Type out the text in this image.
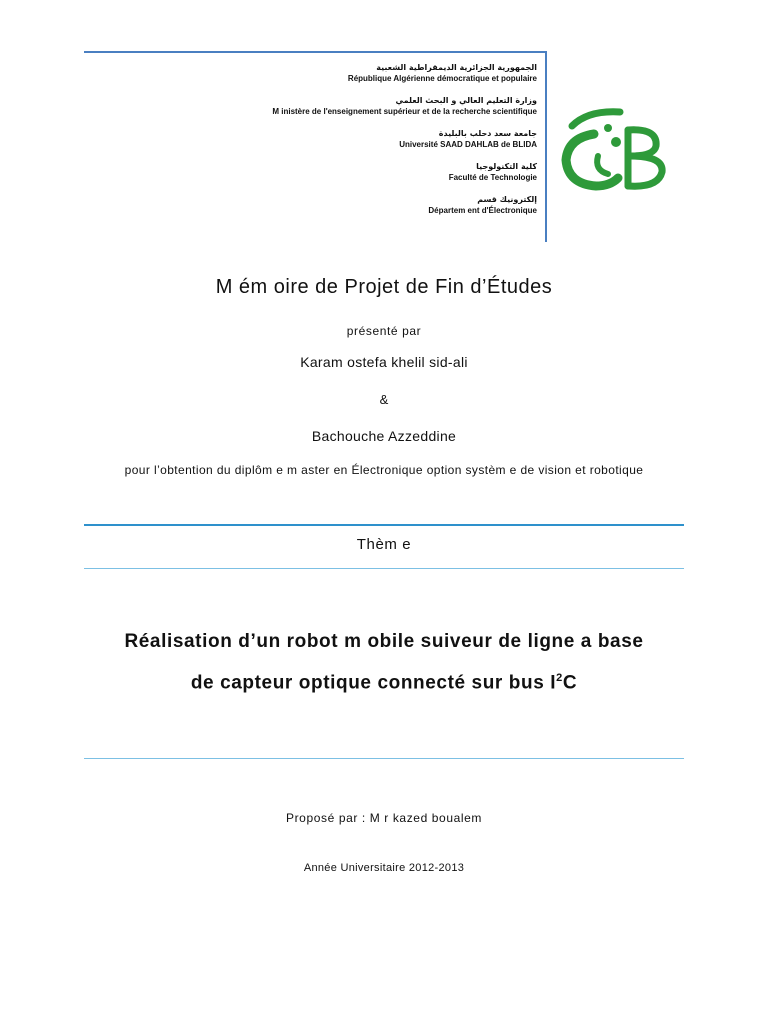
الجمهورية الجزائرية الديمقراطية الشعبية
République Algérienne démocratique et populaire
وزارة التعليم العالي و البحث العلمي
M inistère de l'enseignement supérieur et de la recherche scientifique
جامعة سعد دحلب بالبليدة
Université SAAD DAHLAB de BLIDA
كلية التكنولوجيا
Faculté de Technologie
إلكترونيك قسم
Départem ent d'Électronique
M ém oire de Projet de Fin d’Études
présenté par
Karam ostefa khelil sid-ali
&
Bachouche Azzeddine
pour l’obtention du diplôm e m aster en Électronique option systèm e de vision et robotique
Thèm e
Réalisation d’un robot m obile suiveur de ligne a base
de capteur optique connecté sur bus $I^2C$
Proposé par : M r kazed boualem
Année Universitaire 2012-2013
